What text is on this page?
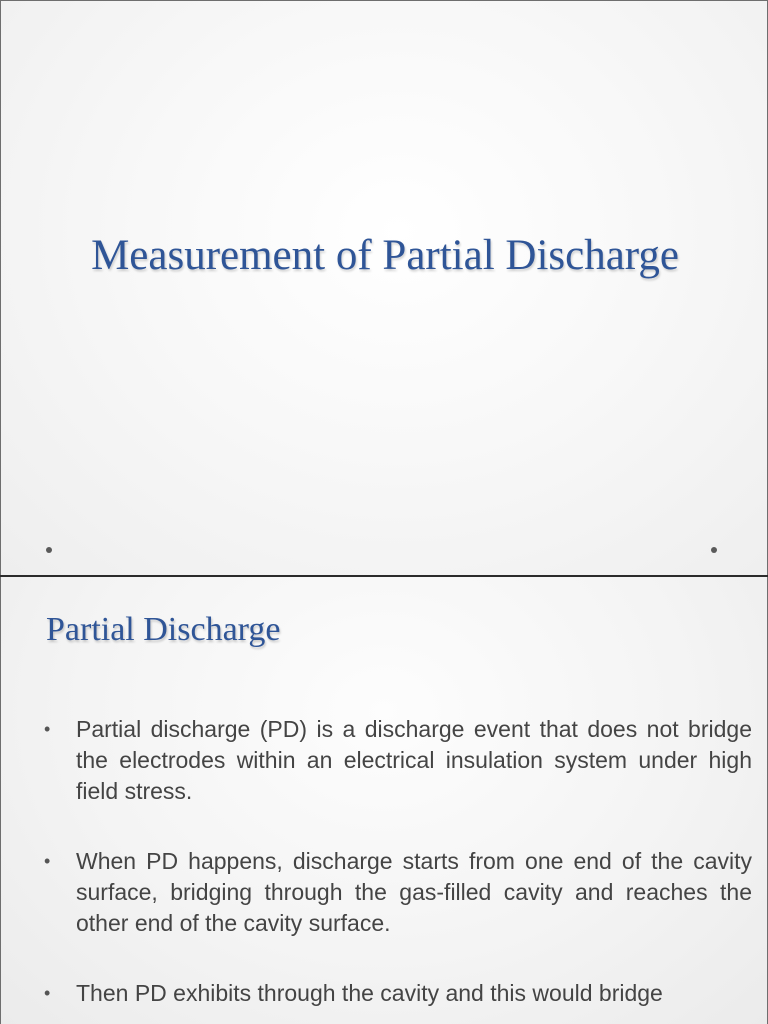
Measurement of Partial Discharge
Partial Discharge
•	Partial discharge (PD) is a discharge event that does not bridge the electrodes within an electrical insulation system under high field stress.
•	When PD happens, discharge starts from one end of the cavity surface, bridging through the gas-filled cavity and reaches the other end of the cavity surface.
•	Then PD exhibits through the cavity and this would bridge
